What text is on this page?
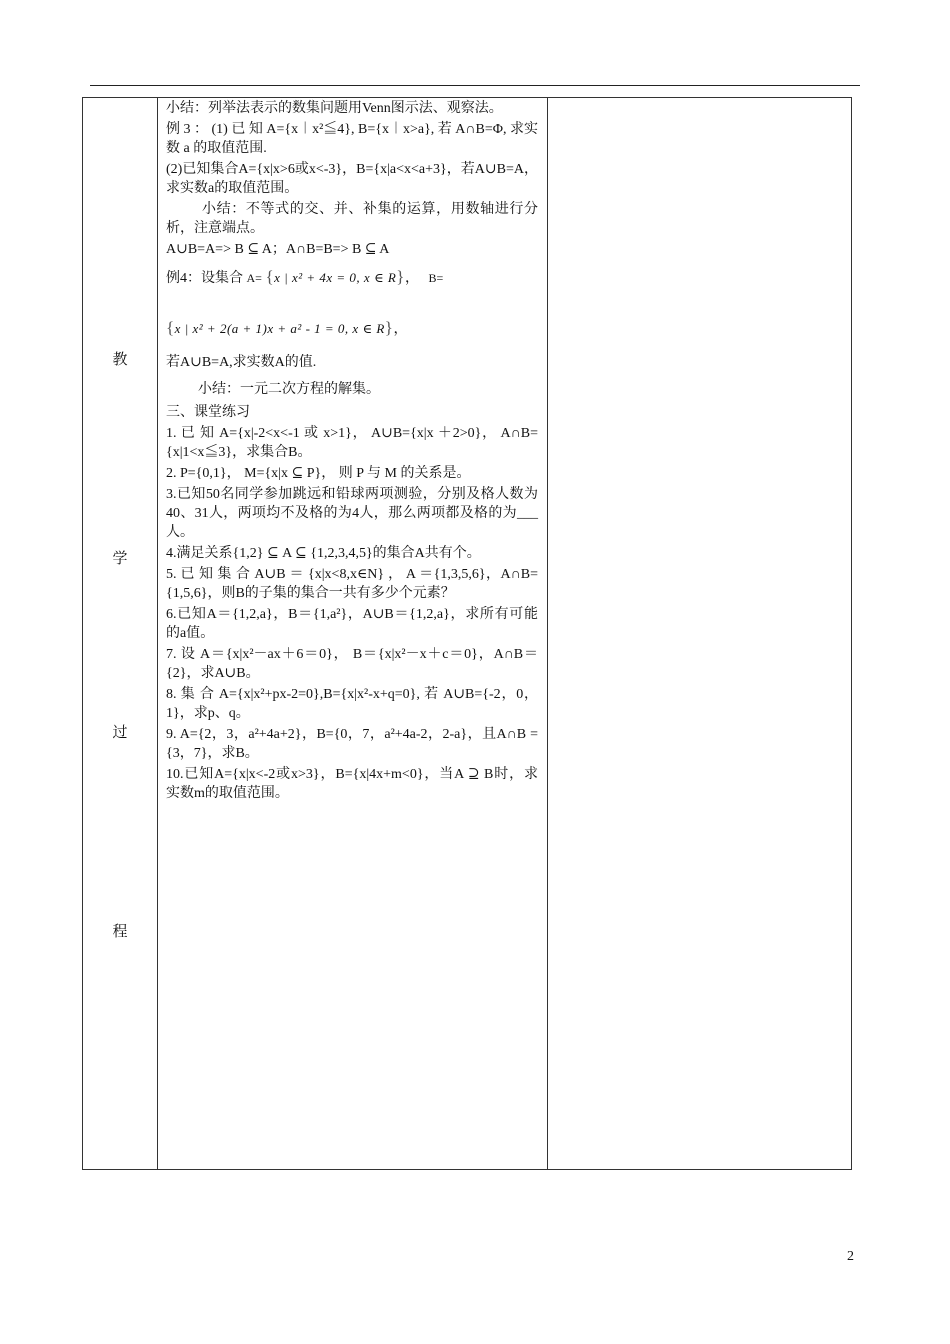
教
学
过
程

小结：列举法表示的数集问题用Venn图示法、观察法。

例 3 ： (1) 已 知 A={x︱x²≦4}, B={x︱x>a}, 若 A∩B=Φ, 求实数 a 的取值范围.

(2)已知集合A={x|x>6或x<-3}，B={x|a<x<a+3}，若A∪B=A，求实数a的取值范围。

小结：不等式的交、并、补集的运算，用数轴进行分析，注意端点。

A∪B=A=> B ⊆ A；A∩B=B=> B ⊆ A

例4：设集合 A= {x | x² + 4x = 0, x ∈ R}， B=
{x | x² + 2(a + 1)x + a² - 1 = 0, x ∈ R}，

若A∪B=A,求实数A的值.

小结：一元二次方程的解集。

三、课堂练习

1. 已 知 A={x|-2<x<-1 或 x>1}， A∪B={x|x ＋2>0}， A∩B={x|1<x≦3}，求集合B。

2. P={0,1}， M={x|x ⊆ P}， 则 P 与 M 的关系是。

3.已知50名同学参加跳远和铅球两项测验，分别及格人数为40、31人，两项均不及格的为4人，那么两项都及格的为___人。

4.满足关系{1,2} ⊆ A ⊆ {1,2,3,4,5}的集合A共有个。

5. 已 知 集 合 A∪B ＝ {x|x<8,x∈N} ， A ＝{1,3,5,6}，A∩B={1,5,6}，则B的子集的集合一共有多少个元素？

6.已知A＝{1,2,a}，B＝{1,a²}，A∪B＝{1,2,a}，求所有可能的a值。

7. 设 A＝{x|x²－ax＋6＝0}， B＝{x|x²－x＋c＝0}，A∩B＝{2}，求A∪B。

8. 集 合 A={x|x²+px-2=0},B={x|x²-x+q=0}, 若 A∪B={-2，0，1}，求p、q。

9. A={2，3，a²+4a+2}，B={0，7，a²+4a-2，2-a}，且A∩B ={3，7}，求B。

10.已知A={x|x<-2或x>3}，B={x|4x+m<0}，当A ⊇ B时，求实数m的取值范围。

2
